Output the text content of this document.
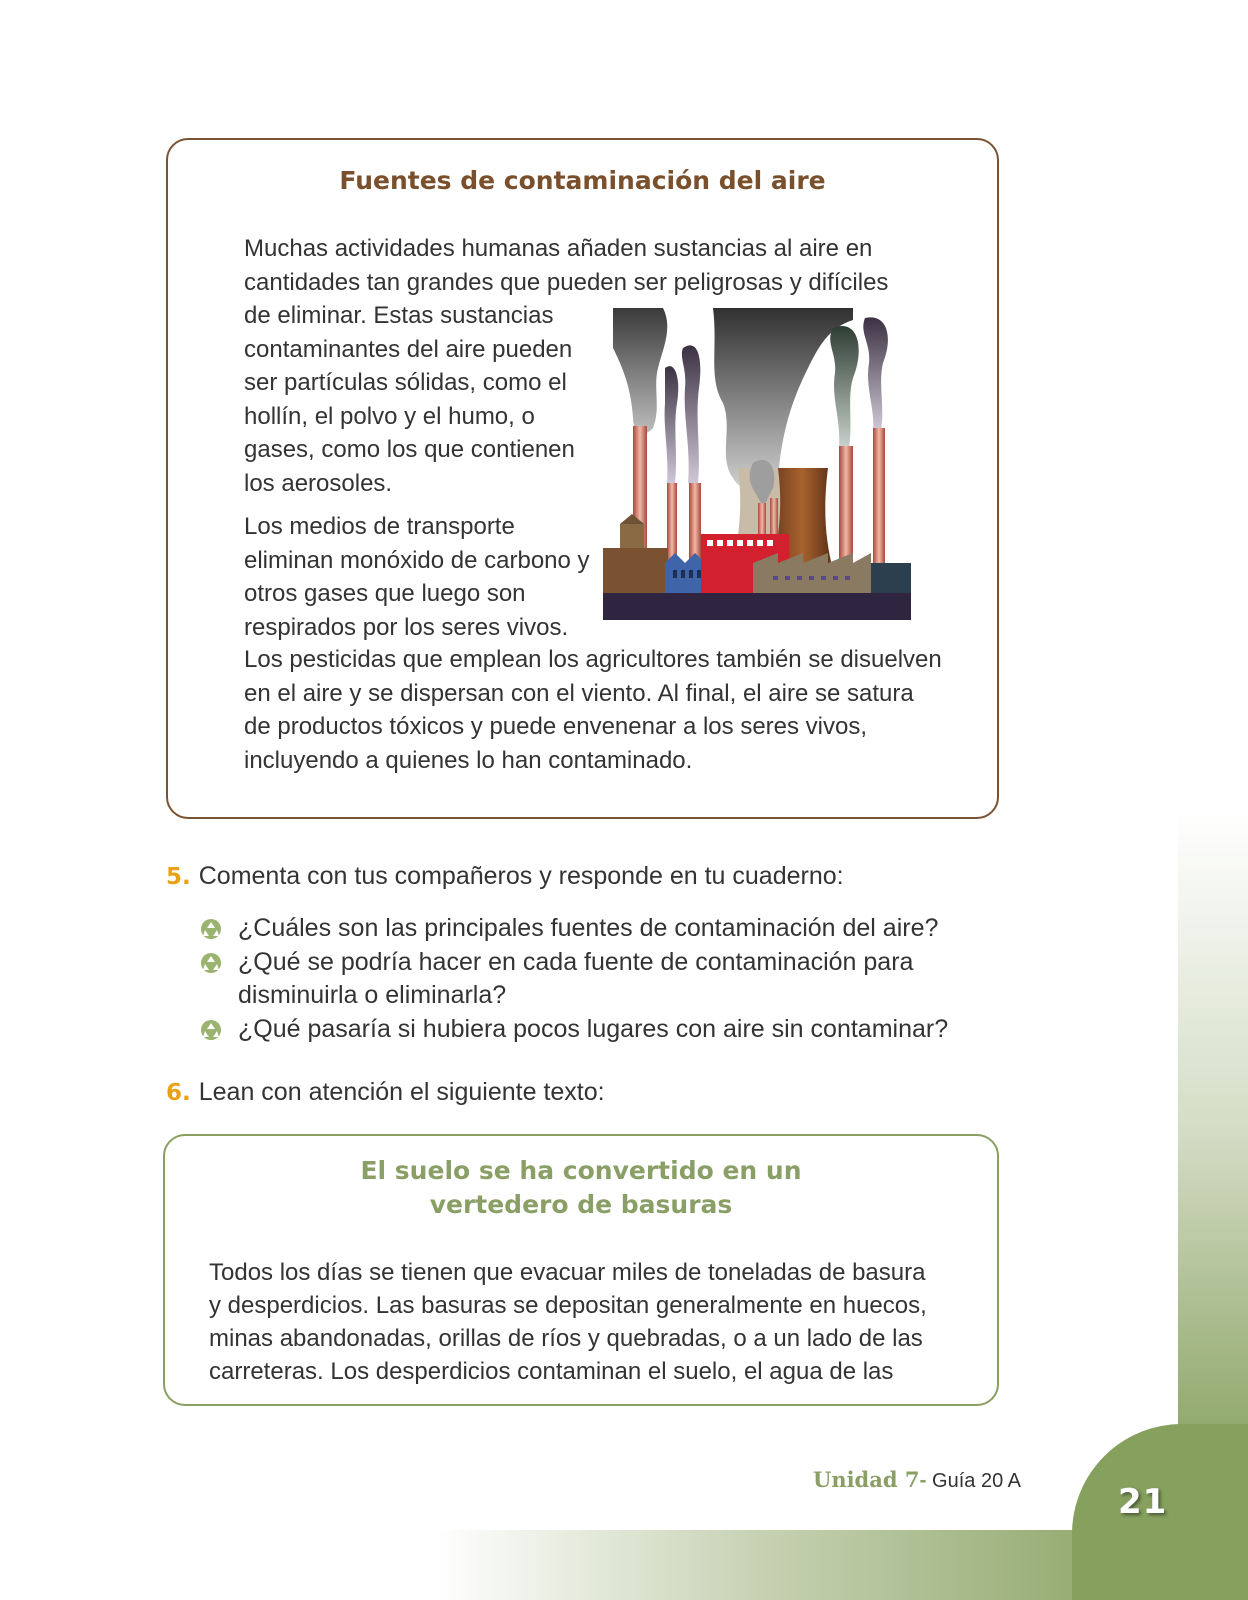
Fuentes de contaminación del aire

Muchas actividades humanas añaden sustancias al aire en cantidades tan grandes que pueden ser peligrosas y difíciles

de eliminar. Estas sustancias contaminantes del aire pueden ser partículas sólidas, como el hollín, el polvo y el humo, o gases, como los que contienen los aerosoles.

Los medios de transporte eliminan monóxido de carbono y otros gases que luego son respirados por los seres vivos.

Los pesticidas que emplean los agricultores también se disuelven en el aire y se dispersan con el viento. Al final, el aire se satura de productos tóxicos y puede envenenar a los seres vivos, incluyendo a quienes lo han contaminado.

5. Comenta con tus compañeros y responde en tu cuaderno:
¿Cuáles son las principales fuentes de contaminación del aire?
¿Qué se podría hacer en cada fuente de contaminación para disminuirla o eliminarla?
¿Qué pasaría si hubiera pocos lugares con aire sin contaminar?
6. Lean con atención el siguiente texto:
El suelo se ha convertido en un
vertedero de basuras

Todos los días se tienen que evacuar miles de toneladas de basura y desperdicios. Las basuras se depositan generalmente en huecos, minas abandonadas, orillas de ríos y quebradas, o a un lado de las carreteras. Los desperdicios contaminan el suelo, el agua de las

Unidad 7- Guía 20 A
21
